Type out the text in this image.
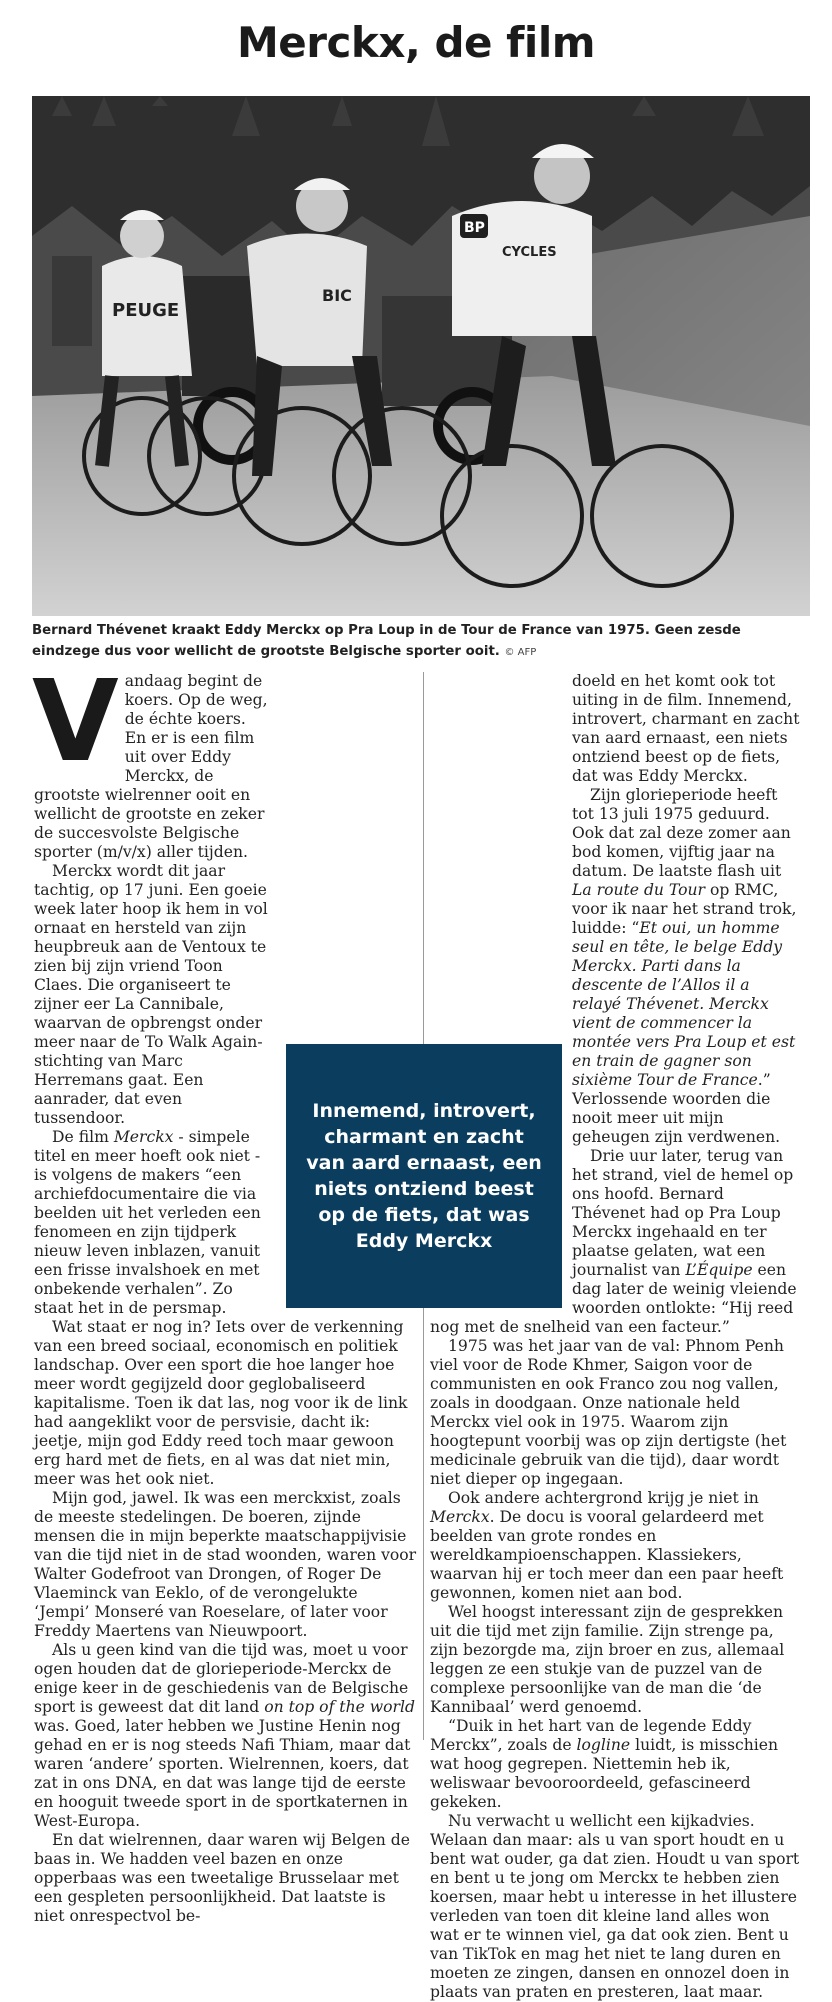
Merckx, de film
PEUGE
BIC
BP
CYCLES
Bernard Thévenet kraakt Eddy Merckx op Pra Loup in de Tour de France van 1975. Geen zesde eindzege dus voor wellicht de grootste Belgische sporter ooit. © AFP

Vandaag begint de koers. Op de weg, de échte koers. En er is een film uit over Eddy Merckx, de grootste wielrenner ooit en wellicht de grootste en zeker de succesvolste Belgische sporter (m/v/x) aller tijden.

Merckx wordt dit jaar tachtig, op 17 juni. Een goeie week later hoop ik hem in vol ornaat en hersteld van zijn heupbreuk aan de Ventoux te zien bij zijn vriend Toon Claes. Die organiseert te zijner eer La Cannibale, waarvan de opbrengst onder meer naar de To Walk Again-stichting van Marc Herremans gaat. Een aanrader, dat even tussendoor.

De film Merckx - simpele titel en meer hoeft ook niet - is volgens de makers “een archiefdocumentaire die via beelden uit het verleden een fenomeen en zijn tijdperk nieuw leven inblazen, vanuit een frisse invalshoek en met onbekende verhalen”. Zo staat het in de persmap.

Wat staat er nog in? Iets over de verkenning van een breed sociaal, economisch en politiek landschap. Over een sport die hoe langer hoe meer wordt gegijzeld door geglobaliseerd kapitalisme. Toen ik dat las, nog voor ik de link had aangeklikt voor de persvisie, dacht ik: jeetje, mijn god Eddy reed toch maar gewoon erg hard met de fiets, en al was dat niet min, meer was het ook niet.

Mijn god, jawel. Ik was een merckxist, zoals de meeste stedelingen. De boeren, zijnde mensen die in mijn beperkte maatschappijvisie van die tijd niet in de stad woonden, waren voor Walter Godefroot van Drongen, of Roger De Vlaeminck van Eeklo, of de verongelukte ‘Jempi’ Monseré van Roeselare, of later voor Freddy Maertens van Nieuwpoort.

Als u geen kind van die tijd was, moet u voor ogen houden dat de glorieperiode-Merckx de enige keer in de geschiedenis van de Belgische sport is geweest dat dit land on top of the world was. Goed, later hebben we Justine Henin nog gehad en er is nog steeds Nafi Thiam, maar dat waren ‘andere’ sporten. Wielrennen, koers, dat zat in ons DNA, en dat was lange tijd de eerste en hooguit tweede sport in de sportkaternen in West-Europa.

En dat wielrennen, daar waren wij Belgen de baas in. We hadden veel bazen en onze opperbaas was een tweetalige Brusselaar met een gespleten persoonlijkheid. Dat laatste is niet onrespectvol be-

doeld en het komt ook tot uiting in de film. Innemend, introvert, charmant en zacht van aard ernaast, een niets ontziend beest op de fiets, dat was Eddy Merckx.

Zijn glorieperiode heeft tot 13 juli 1975 geduurd. Ook dat zal deze zomer aan bod komen, vijftig jaar na datum. De laatste flash uit La route du Tour op RMC, voor ik naar het strand trok, luidde: “Et oui, un homme seul en tête, le belge Eddy Merckx. Parti dans la descente de l’Allos il a relayé Thévenet. Merckx vient de commencer la montée vers Pra Loup et est en train de gagner son sixième Tour de France.” Verlossende woorden die nooit meer uit mijn geheugen zijn verdwenen.

Drie uur later, terug van het strand, viel de hemel op ons hoofd. Bernard Thévenet had op Pra Loup Merckx ingehaald en ter plaatse gelaten, wat een journalist van L’Équipe een dag later de weinig vleiende woorden ontlokte: “Hij reed nog met de snelheid van een facteur.”

1975 was het jaar van de val: Phnom Penh viel voor de Rode Khmer, Saigon voor de communisten en ook Franco zou nog vallen, zoals in doodgaan. Onze nationale held Merckx viel ook in 1975. Waarom zijn hoogtepunt voorbij was op zijn dertigste (het medicinale gebruik van die tijd), daar wordt niet dieper op ingegaan.

Ook andere achtergrond krijg je niet in Merckx. De docu is vooral gelardeerd met beelden van grote rondes en wereldkampioenschappen. Klassiekers, waarvan hij er toch meer dan een paar heeft gewonnen, komen niet aan bod.

Wel hoogst interessant zijn de gesprekken uit die tijd met zijn familie. Zijn strenge pa, zijn bezorgde ma, zijn broer en zus, allemaal leggen ze een stukje van de puzzel van de complexe persoonlijke van de man die ‘de Kannibaal’ werd genoemd.

“Duik in het hart van de legende Eddy Merckx”, zoals de logline luidt, is misschien wat hoog gegrepen. Niettemin heb ik, weliswaar bevooroordeeld, gefascineerd gekeken.

Nu verwacht u wellicht een kijkadvies. Welaan dan maar: als u van sport houdt en u bent wat ouder, ga dat zien. Houdt u van sport en bent u te jong om Merckx te hebben zien koersen, maar hebt u interesse in het illustere verleden van toen dit kleine land alles won wat er te winnen viel, ga dat ook zien. Bent u van TikTok en mag het niet te lang duren en moeten ze zingen, dansen en onnozel doen in plaats van praten en presteren, laat maar.

Innemend, introvert, charmant en zacht van aard ernaast, een niets ontziend beest op de fiets, dat was Eddy Merckx
